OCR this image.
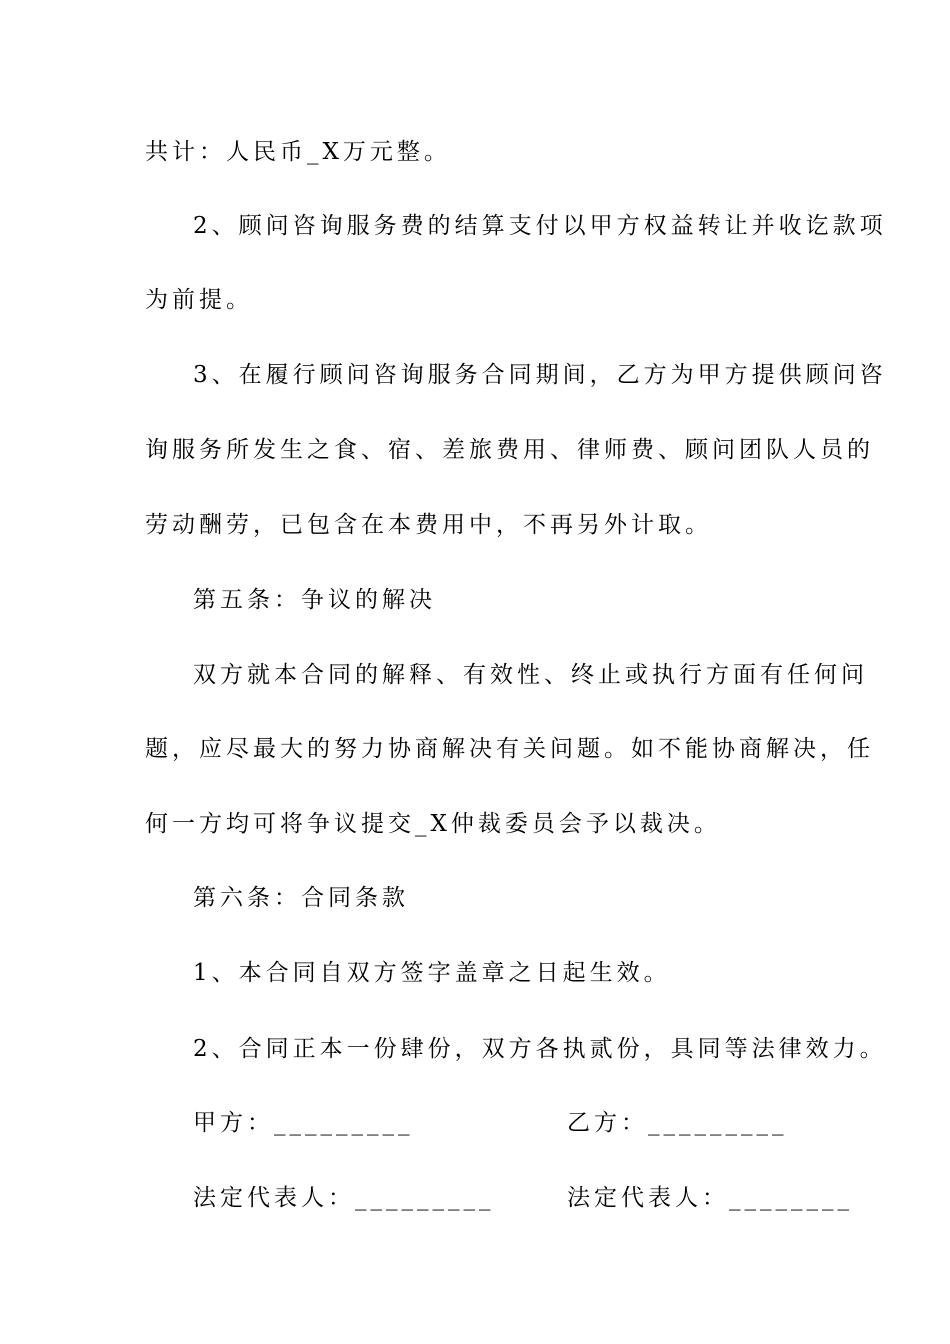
共计：人民币_X万元整。
2、顾问咨询服务费的结算支付以甲方权益转让并收讫款项
为前提。
3、在履行顾问咨询服务合同期间，乙方为甲方提供顾问咨
询服务所发生之食、宿、差旅费用、律师费、顾问团队人员的
劳动酬劳，已包含在本费用中，不再另外计取。
第五条：争议的解决
双方就本合同的解释、有效性、终止或执行方面有任何问
题，应尽最大的努力协商解决有关问题。如不能协商解决，任
何一方均可将争议提交_X仲裁委员会予以裁决。
第六条：合同条款
1、本合同自双方签字盖章之日起生效。
2、合同正本一份肆份，双方各执贰份，具同等法律效力。
甲方：_________	乙方：_________
法定代表人：_________	法定代表人：________
